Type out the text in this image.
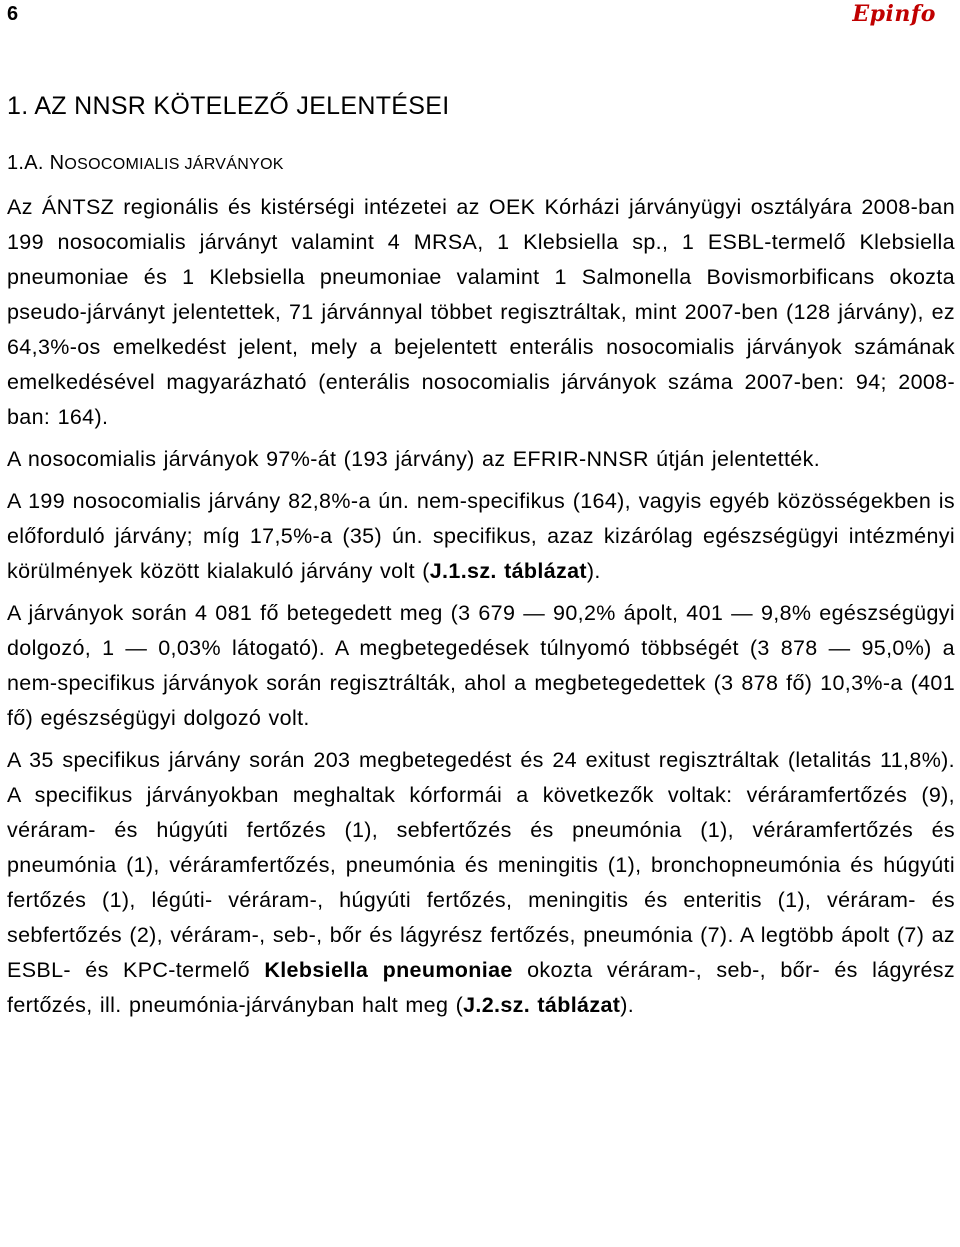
6	Epinfo
1. AZ NNSR KÖTELEZŐ JELENTÉSEI
1.A. NOSOCOMIALIS JÁRVÁNYOK

Az ÁNTSZ regionális és kistérségi intézetei az OEK Kórházi járványügyi osztályára 2008-ban 199 nosocomialis járványt valamint 4 MRSA, 1 Klebsiella sp., 1 ESBL-termelő Klebsiella pneumoniae és 1 Klebsiella pneumoniae valamint 1 Salmonella Bovismorbificans okozta pseudo-járványt jelentettek, 71 járvánnyal többet regisztráltak, mint 2007-ben (128 járvány), ez 64,3%-os emelkedést jelent, mely a bejelentett enterális nosocomialis járványok számának emelkedésével magyarázható (enterális nosocomialis járványok száma 2007-ben: 94; 2008-ban: 164).

A nosocomialis járványok 97%-át (193 járvány) az EFRIR-NNSR útján jelentették.

A 199 nosocomialis járvány 82,8%-a ún. nem-specifikus (164), vagyis egyéb közösségekben is előforduló járvány; míg 17,5%-a (35) ún. specifikus, azaz kizárólag egészségügyi intézményi körülmények között kialakuló járvány volt (J.1.sz. táblázat).

A járványok során 4 081 fő betegedett meg (3 679 — 90,2% ápolt, 401 — 9,8% egészségügyi dolgozó, 1 — 0,03% látogató). A megbetegedések túlnyomó többségét (3 878 — 95,0%) a nem-specifikus járványok során regisztrálták, ahol a megbetegedettek (3 878 fő) 10,3%-a (401 fő) egészségügyi dolgozó volt.

A 35 specifikus járvány során 203 megbetegedést és 24 exitust regisztráltak (letalitás 11,8%). A specifikus járványokban meghaltak kórformái a következők voltak: véráramfertőzés (9), véráram- és húgyúti fertőzés (1), sebfertőzés és pneumónia (1), véráramfertőzés és pneumónia (1), véráramfertőzés, pneumónia és meningitis (1), bronchopneumónia és húgyúti fertőzés (1), légúti- véráram-, húgyúti fertőzés, meningitis és enteritis (1), véráram- és sebfertőzés (2), véráram-, seb-, bőr és lágyrész fertőzés, pneumónia (7). A legtöbb ápolt (7) az ESBL- és KPC-termelő Klebsiella pneumoniae okozta véráram-, seb-, bőr- és lágyrész fertőzés, ill. pneumónia-járványban halt meg (J.2.sz. táblázat).
